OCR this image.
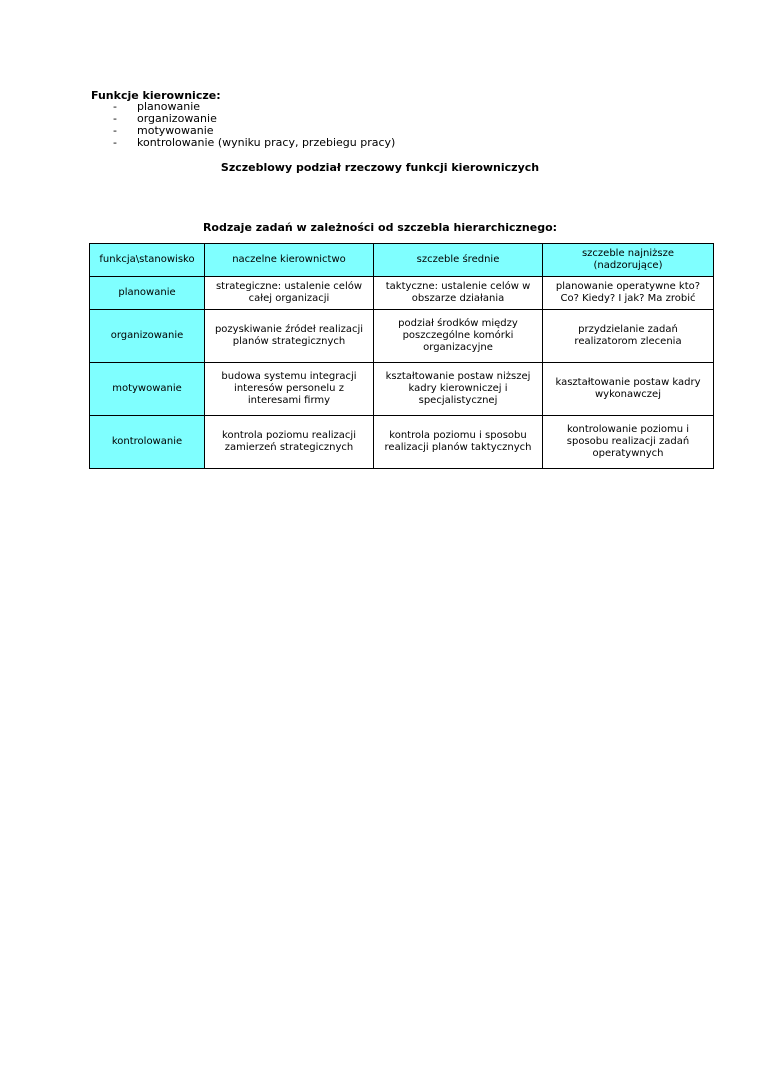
Funkcje kierownicze:
- planowanie
- organizowanie
- motywowanie
- kontrolowanie (wyniku pracy, przebiegu pracy)
Szczeblowy podział rzeczowy funkcji kierowniczych
Rodzaje zadań w zależności od szczebla hierarchicznego:
funkcja\stanowisko	naczelne kierownictwo	szczeble średnie	szczeble najniższe (nadzorujące)
planowanie	strategiczne: ustalenie celów całej organizacji	taktyczne: ustalenie celów w obszarze działania	planowanie operatywne kto? Co? Kiedy? I jak? Ma zrobić
organizowanie	pozyskiwanie źródeł realizacji planów strategicznych	podział środków między poszczególne komórki organizacyjne	przydzielanie zadań realizatorom zlecenia
motywowanie	budowa systemu integracji interesów personelu z interesami firmy	kształtowanie postaw niższej kadry kierowniczej i specjalistycznej	kaształtowanie postaw kadry wykonawczej
kontrolowanie	kontrola poziomu realizacji zamierzeń strategicznych	kontrola poziomu i sposobu realizacji planów taktycznych	kontrolowanie poziomu i sposobu realizacji zadań operatywnych
